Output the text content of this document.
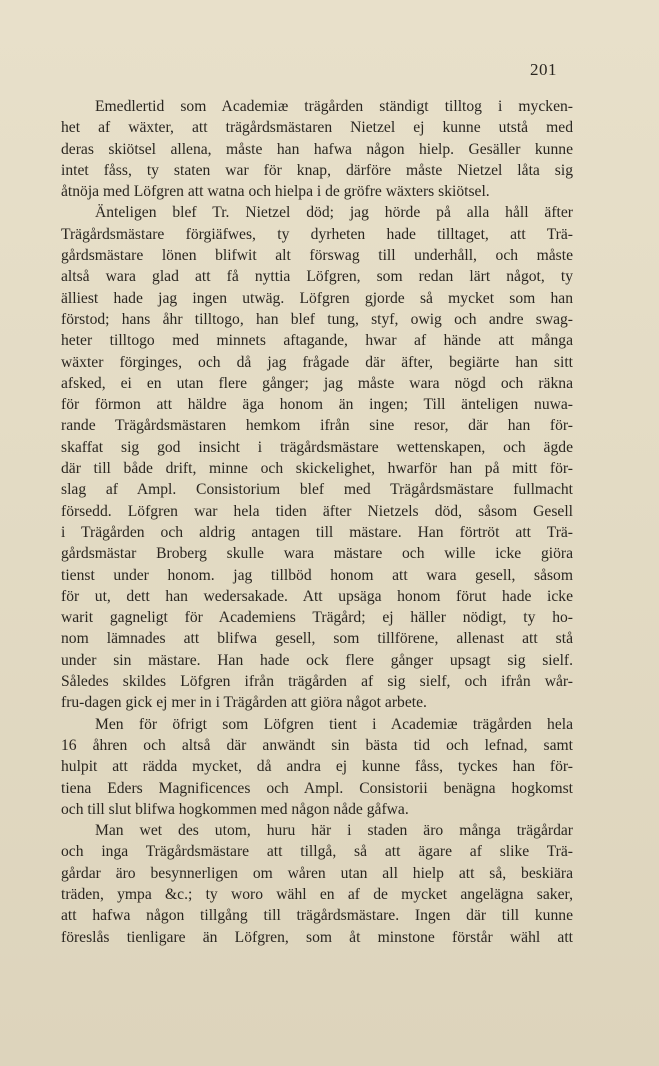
201
Emedlertid som Academiæ trägården ständigt tilltog i mycken-
het af wäxter, att trägårdsmästaren Nietzel ej kunne utstå med
deras skiötsel allena, måste han hafwa någon hielp. Gesäller kunne
intet fåss, ty staten war för knap, därföre måste Nietzel låta sig
åtnöja med Löfgren att watna och hielpa i de gröfre wäxters skiötsel.
Änteligen blef Tr. Nietzel död; jag hörde på alla håll äfter
Trägårdsmästare förgiäfwes, ty dyrheten hade tilltaget, att Trä-
gårdsmästare lönen blifwit alt förswag till underhåll, och måste
altså wara glad att få nyttia Löfgren, som redan lärt något, ty
älliest hade jag ingen utwäg. Löfgren gjorde så mycket som han
förstod; hans åhr tilltogo, han blef tung, styf, owig och andre swag-
heter tilltogo med minnets aftagande, hwar af hände att många
wäxter förginges, och då jag frågade där äfter, begiärte han sitt
afsked, ei en utan flere gånger; jag måste wara nögd och räkna
för förmon att häldre äga honom än ingen; Till änteligen nuwa-
rande Trägårdsmästaren hemkom ifrån sine resor, där han för-
skaffat sig god insicht i trägårdsmästare wettenskapen, och ägde
där till både drift, minne och skickelighet, hwarför han på mitt för-
slag af Ampl. Consistorium blef med Trägårdsmästare fullmacht
försedd. Löfgren war hela tiden äfter Nietzels död, såsom Gesell
i Trägården och aldrig antagen till mästare. Han förtröt att Trä-
gårdsmästar Broberg skulle wara mästare och wille icke giöra
tienst under honom. jag tillböd honom att wara gesell, såsom
för ut, dett han wedersakade. Att upsäga honom förut hade icke
warit gagneligt för Academiens Trägård; ej häller nödigt, ty ho-
nom lämnades att blifwa gesell, som tillförene, allenast att stå
under sin mästare. Han hade ock flere gånger upsagt sig sielf.
Således skildes Löfgren ifrån trägården af sig sielf, och ifrån wår-
fru-dagen gick ej mer in i Trägården att giöra något arbete.
Men för öfrigt som Löfgren tient i Academiæ trägården hela
16 åhren och altså där anwändt sin bästa tid och lefnad, samt
hulpit att rädda mycket, då andra ej kunne fåss, tyckes han för-
tiena Eders Magnificences och Ampl. Consistorii benägna hogkomst
och till slut blifwa hogkommen med någon nåde gåfwa.
Man wet des utom, huru här i staden äro många trägårdar
och inga Trägårdsmästare att tillgå, så att ägare af slike Trä-
gårdar äro besynnerligen om wåren utan all hielp att så, beskiära
träden, ympa &c.; ty woro wähl en af de mycket angelägna saker,
att hafwa någon tillgång till trägårdsmästare. Ingen där till kunne
föreslås tienligare än Löfgren, som åt minstone förstår wähl att
